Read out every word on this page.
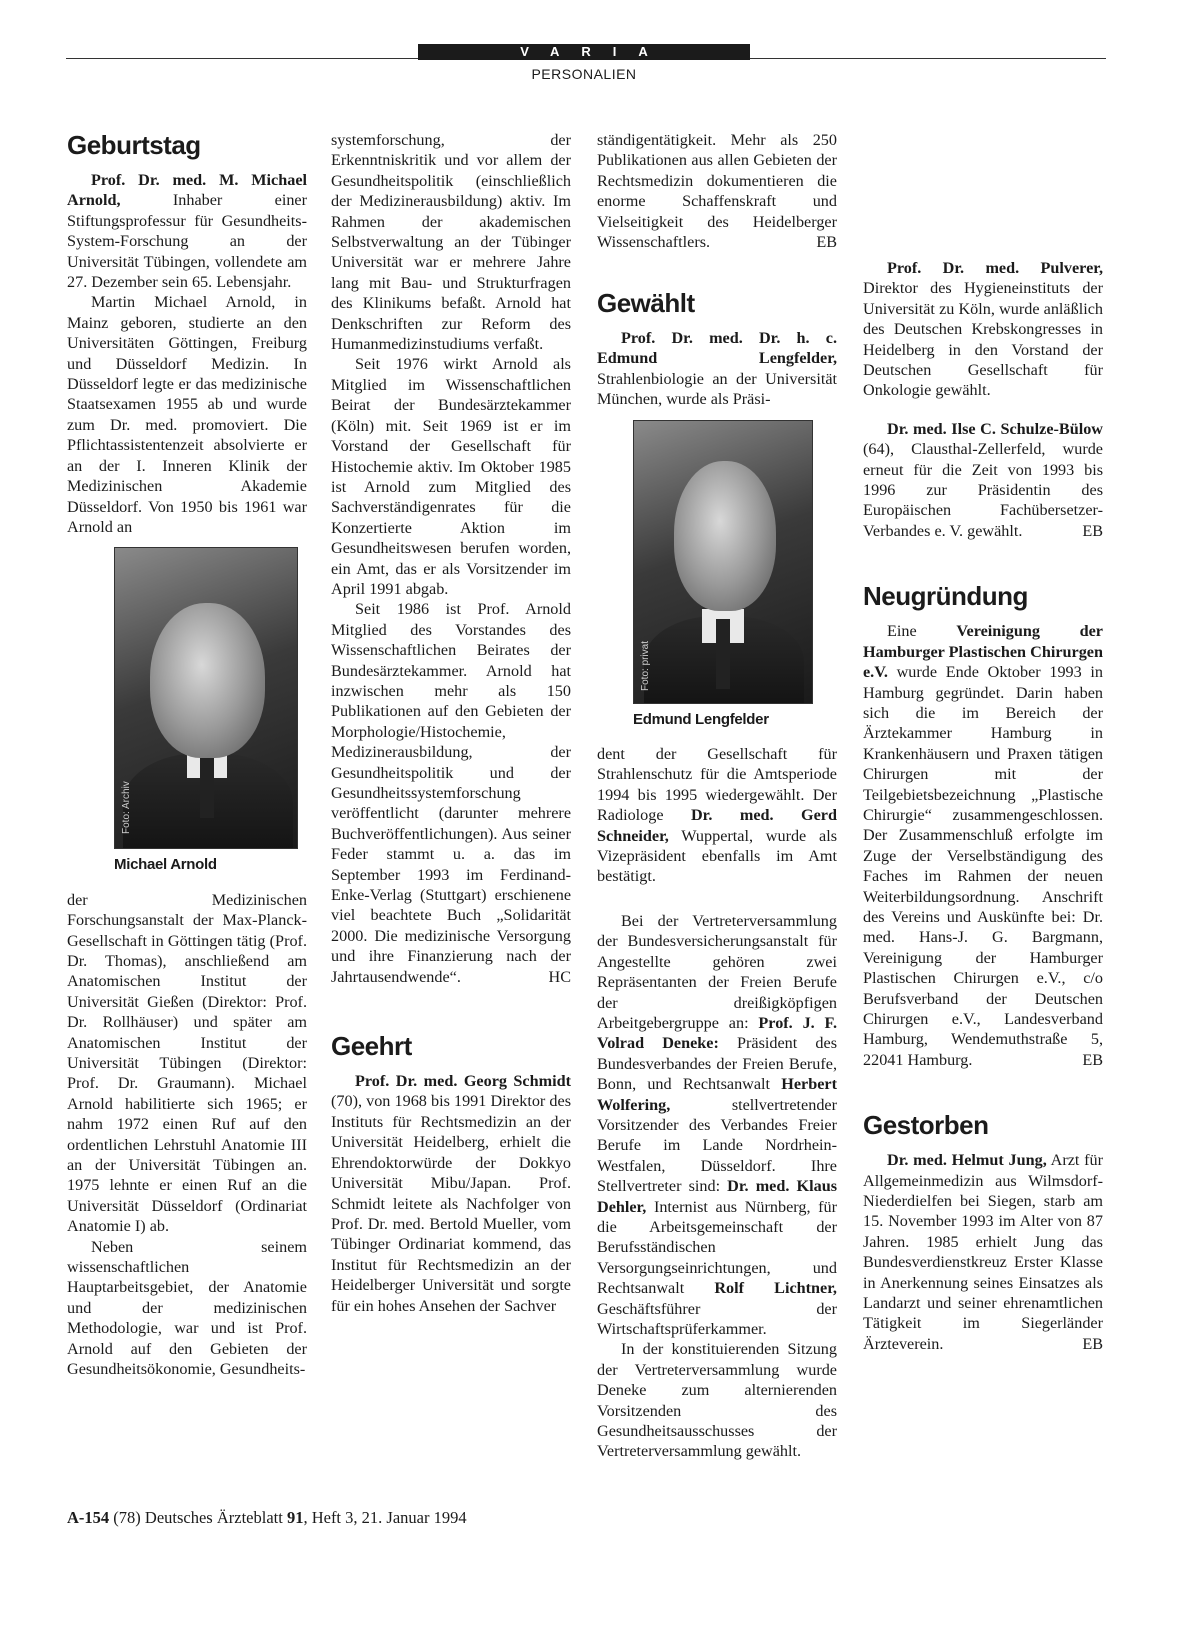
VARIA
PERSONALIEN
Geburtstag

Prof. Dr. med. M. Michael Arnold, Inhaber einer Stiftungsprofessur für Gesundheits-System-Forschung an der Universität Tübingen, vollendete am 27. Dezember sein 65. Lebensjahr.

Martin Michael Arnold, in Mainz geboren, studierte an den Universitäten Göttingen, Freiburg und Düsseldorf Medizin. In Düsseldorf legte er das medizinische Staatsexamen 1955 ab und wurde zum Dr. med. promoviert. Die Pflichtassistentenzeit absolvierte er an der I. Inneren Klinik der Medizinischen Akademie Düsseldorf. Von 1950 bis 1961 war Arnold an

Foto: Archiv
Michael Arnold

der Medizinischen Forschungsanstalt der Max-Planck-Gesellschaft in Göttingen tätig (Prof. Dr. Thomas), anschließend am Anatomischen Institut der Universität Gießen (Direktor: Prof. Dr. Rollhäuser) und später am Anatomischen Institut der Universität Tübingen (Direktor: Prof. Dr. Graumann). Michael Arnold habilitierte sich 1965; er nahm 1972 einen Ruf auf den ordentlichen Lehrstuhl Anatomie III an der Universität Tübingen an. 1975 lehnte er einen Ruf an die Universität Düsseldorf (Ordinariat Anatomie I) ab.

Neben seinem wissenschaftlichen Hauptarbeitsgebiet, der Anatomie und der medizinischen Methodologie, war und ist Prof. Arnold auf den Gebieten der Gesundheitsökonomie, Gesundheits-

systemforschung, der Erkenntniskritik und vor allem der Gesundheitspolitik (einschließlich der Medizinerausbildung) aktiv. Im Rahmen der akademischen Selbstverwaltung an der Tübinger Universität war er mehrere Jahre lang mit Bau- und Strukturfragen des Klinikums befaßt. Arnold hat Denkschriften zur Reform des Humanmedizinstudiums verfaßt.

Seit 1976 wirkt Arnold als Mitglied im Wissenschaftlichen Beirat der Bundesärztekammer (Köln) mit. Seit 1969 ist er im Vorstand der Gesellschaft für Histochemie aktiv. Im Oktober 1985 ist Arnold zum Mitglied des Sachverständigenrates für die Konzertierte Aktion im Gesundheitswesen berufen worden, ein Amt, das er als Vorsitzender im April 1991 abgab.

Seit 1986 ist Prof. Arnold Mitglied des Vorstandes des Wissenschaftlichen Beirates der Bundesärztekammer. Arnold hat inzwischen mehr als 150 Publikationen auf den Gebieten der Morphologie/Histochemie, Medizinerausbildung, der Gesundheitspolitik und der Gesundheitssystemforschung veröffentlicht (darunter mehrere Buchveröffentlichungen). Aus seiner Feder stammt u. a. das im September 1993 im Ferdinand-Enke-Verlag (Stuttgart) erschienene viel beachtete Buch „Solidarität 2000. Die medizinische Versorgung und ihre Finanzierung nach der Jahrtausendwende“.	HC

Geehrt

Prof. Dr. med. Georg Schmidt (70), von 1968 bis 1991 Direktor des Instituts für Rechtsmedizin an der Universität Heidelberg, erhielt die Ehrendoktorwürde der Dokkyo Universität Mibu/Japan. Prof. Schmidt leitete als Nachfolger von Prof. Dr. med. Bertold Mueller, vom Tübinger Ordinariat kommend, das Institut für Rechtsmedizin an der Heidelberger Universität und sorgte für ein hohes Ansehen der Sachver

ständigentätigkeit. Mehr als 250 Publikationen aus allen Gebieten der Rechtsmedizin dokumentieren die enorme Schaffenskraft und Vielseitigkeit des Heidelberger Wissenschaftlers.	EB

Gewählt

Prof. Dr. med. Dr. h. c. Edmund Lengfelder, Strahlenbiologie an der Universität München, wurde als Präsi-

Foto: privat
Edmund Lengfelder

dent der Gesellschaft für Strahlenschutz für die Amtsperiode 1994 bis 1995 wiedergewählt. Der Radiologe Dr. med. Gerd Schneider, Wuppertal, wurde als Vizepräsident ebenfalls im Amt bestätigt.

Bei der Vertreterversammlung der Bundesversicherungsanstalt für Angestellte gehören zwei Repräsentanten der Freien Berufe der dreißigköpfigen Arbeitgebergruppe an: Prof. J. F. Volrad Deneke: Präsident des Bundesverbandes der Freien Berufe, Bonn, und Rechtsanwalt Herbert Wolfering, stellvertretender Vorsitzender des Verbandes Freier Berufe im Lande Nordrhein-Westfalen, Düsseldorf. Ihre Stellvertreter sind: Dr. med. Klaus Dehler, Internist aus Nürnberg, für die Arbeitsgemeinschaft der Berufsständischen Versorgungseinrichtungen, und Rechtsanwalt Rolf Lichtner, Geschäftsführer der Wirtschaftsprüferkammer.

In der konstituierenden Sitzung der Vertreterversammlung wurde Deneke zum alternierenden Vorsitzenden des Gesundheitsausschusses der Vertreterversammlung gewählt.

Prof. Dr. med. Pulverer, Direktor des Hygieneinstituts der Universität zu Köln, wurde anläßlich des Deutschen Krebskongresses in Heidelberg in den Vorstand der Deutschen Gesellschaft für Onkologie gewählt.

Dr. med. Ilse C. Schulze-Bülow (64), Clausthal-Zellerfeld, wurde erneut für die Zeit von 1993 bis 1996 zur Präsidentin des Europäischen Fachübersetzer-Verbandes e. V. gewählt.	EB

Neugründung

Eine Vereinigung der Hamburger Plastischen Chirurgen e.V. wurde Ende Oktober 1993 in Hamburg gegründet. Darin haben sich die im Bereich der Ärztekammer Hamburg in Krankenhäusern und Praxen tätigen Chirurgen mit der Teilgebietsbezeichnung „Plastische Chirurgie“ zusammengeschlossen. Der Zusammenschluß erfolgte im Zuge der Verselbständigung des Faches im Rahmen der neuen Weiterbildungsordnung. Anschrift des Vereins und Auskünfte bei: Dr. med. Hans-J. G. Bargmann, Vereinigung der Hamburger Plastischen Chirurgen e.V., c/o Berufsverband der Deutschen Chirurgen e.V., Landesverband Hamburg, Wendemuthstraße 5, 22041 Hamburg.	EB

Gestorben

Dr. med. Helmut Jung, Arzt für Allgemeinmedizin aus Wilmsdorf-Niederdielfen bei Siegen, starb am 15. November 1993 im Alter von 87 Jahren. 1985 erhielt Jung das Bundesverdienstkreuz Erster Klasse in Anerkennung seines Einsatzes als Landarzt und seiner ehrenamtlichen Tätigkeit im Siegerländer Ärzteverein.	EB

A-154 (78) Deutsches Ärzteblatt 91, Heft 3, 21. Januar 1994
